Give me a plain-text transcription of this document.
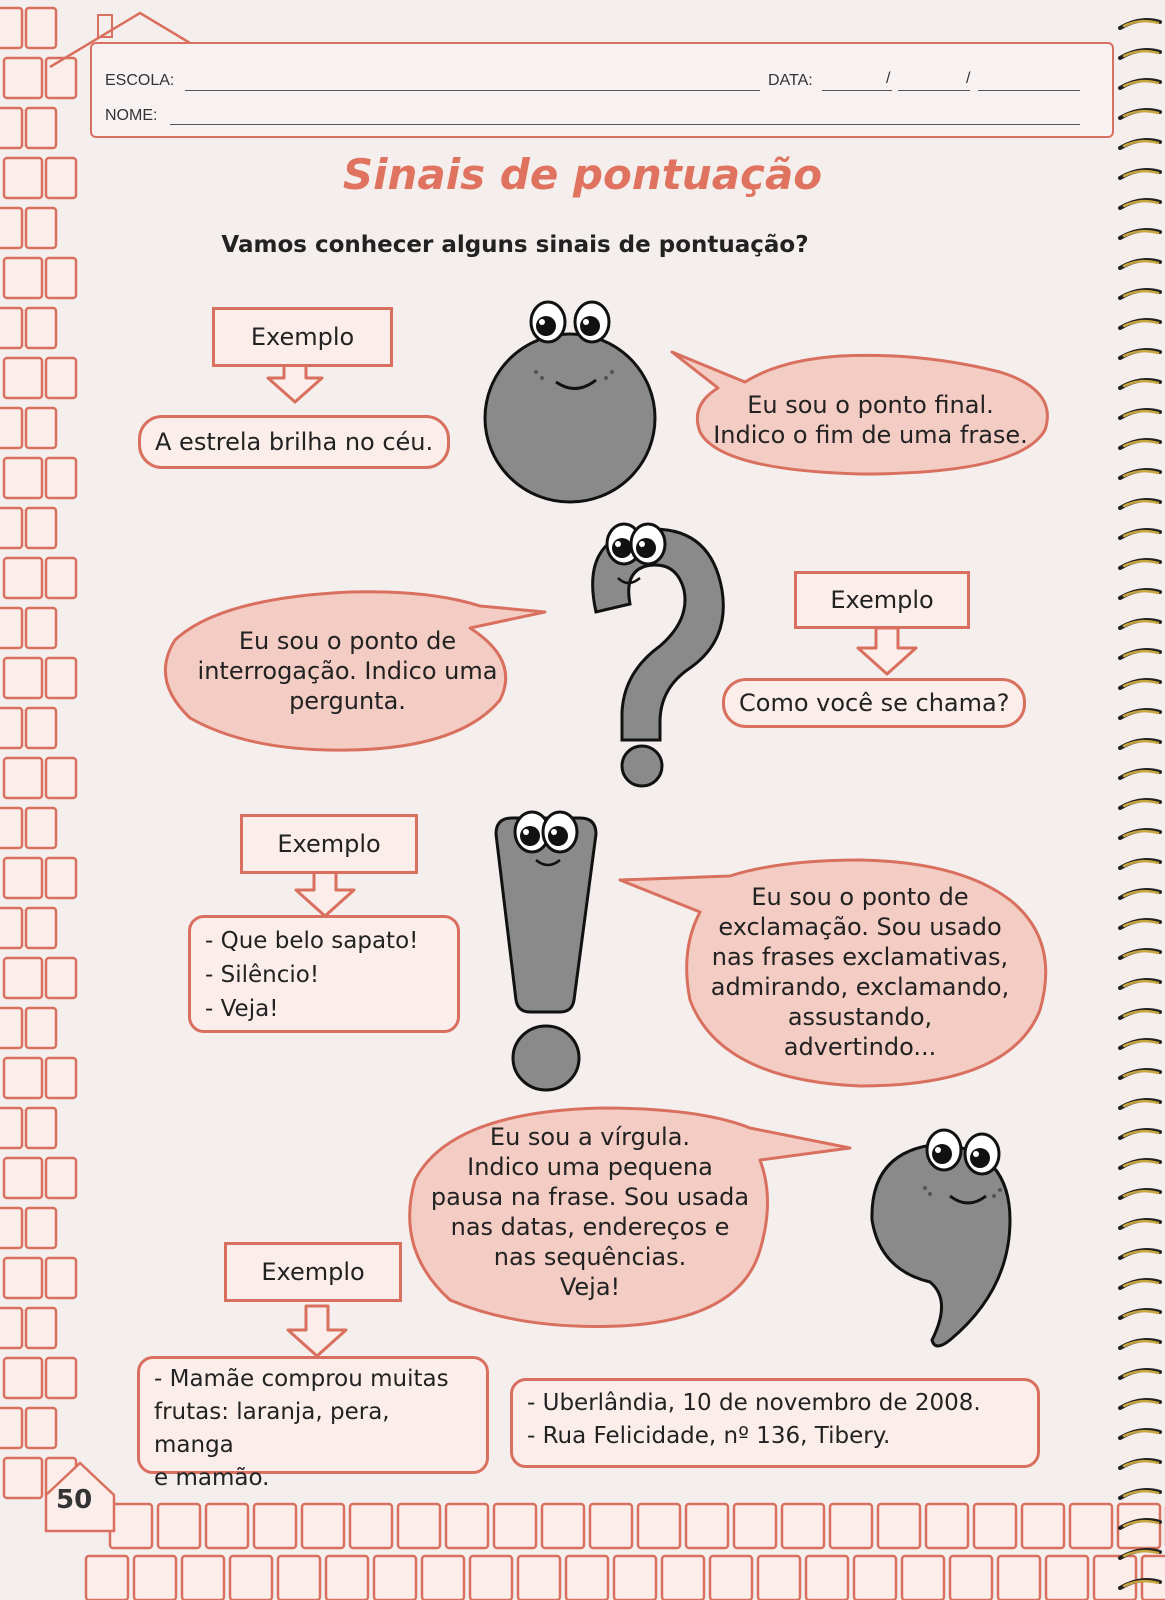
ESCOLA:	DATA:	/	/
NOME:
Sinais de pontuação
Vamos conhecer alguns sinais de pontuação?
Exemplo
A estrela brilha no céu.
Eu sou o ponto final.
Indico o fim de uma frase.
Eu sou o ponto de
interrogação. Indico uma
pergunta.
Exemplo
Como você se chama?
Exemplo
- Que belo sapato!
- Silêncio!
- Veja!
Eu sou o ponto de
exclamação. Sou usado
nas frases exclamativas,
admirando, exclamando,
assustando,
advertindo...
Eu sou a vírgula.
Indico uma pequena
pausa na frase. Sou usada
nas datas, endereços e
nas sequências.
Veja!
Exemplo
- Mamãe comprou muitas
frutas: laranja, pera, manga
e mamão.
- Uberlândia, 10 de novembro de 2008.
- Rua Felicidade, nº 136, Tibery.
50
